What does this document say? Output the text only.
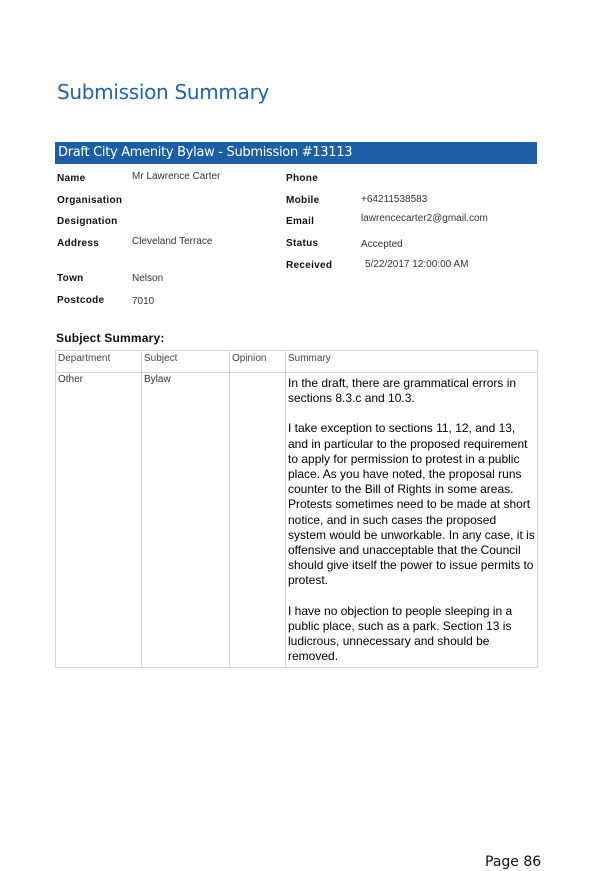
Submission Summary
Draft City Amenity Bylaw - Submission #13113
Name	Mr Lawrence Carter
Organisation
Designation
Address	Cleveland Terrace
Town	Nelson
Postcode	7010
Phone
Mobile	+64211538583
Email	lawrencecarter2@gmail.com
Status	Accepted
Received	5/22/2017 12:00:00 AM
Subject Summary:
Department	Subject	Opinion	Summary
Other	Bylaw		In the draft, there are grammatical errors in sections 8.3.c and 10.3.

I take exception to sections 11, 12, and 13, and in particular to the proposed requirement to apply for permission to protest in a public place. As you have noted, the proposal runs counter to the Bill of Rights in some areas. Protests sometimes need to be made at short notice, and in such cases the proposed system would be unworkable. In any case, it is offensive and unacceptable that the Council should give itself the power to issue permits to protest.

I have no objection to people sleeping in a public place, such as a park. Section 13 is ludicrous, unnecessary and should be removed.

Page 86
